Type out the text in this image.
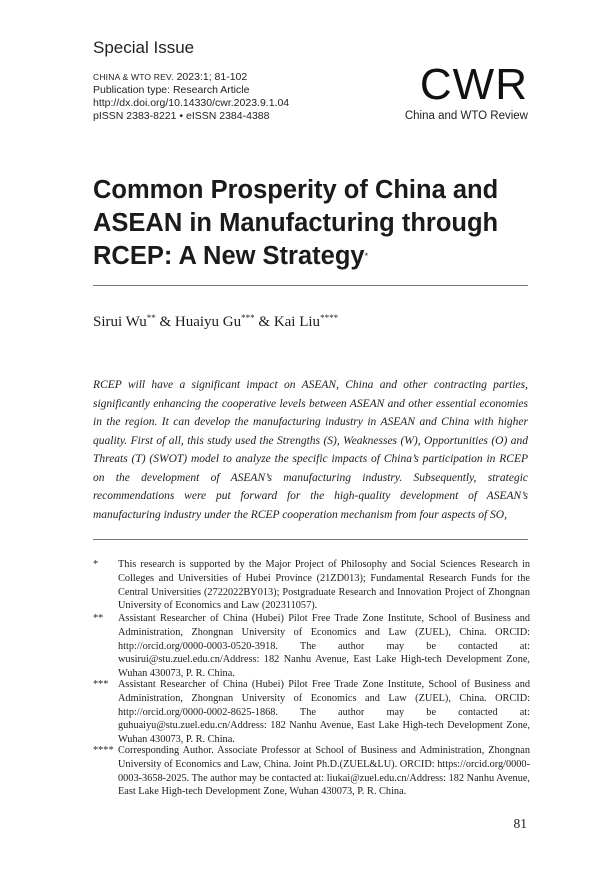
Special Issue
CHINA & WTO REV. 2023:1; 81-102
Publication type: Research Article
http://dx.doi.org/10.14330/cwr.2023.9.1.04
pISSN 2383-8221 • eISSN 2384-4388
CWR
China and WTO Review
Common Prosperity of China and ASEAN in Manufacturing through RCEP: A New Strategy*
Sirui Wu** & Huaiyu Gu*** & Kai Liu****
RCEP will have a significant impact on ASEAN, China and other contracting parties, significantly enhancing the cooperative levels between ASEAN and other essential economies in the region. It can develop the manufacturing industry in ASEAN and China with higher quality. First of all, this study used the Strengths (S), Weaknesses (W), Opportunities (O) and Threats (T) (SWOT) model to analyze the specific impacts of China’s participation in RCEP on the development of ASEAN’s manufacturing industry. Subsequently, strategic recommendations were put forward for the high-quality development of ASEAN’s manufacturing industry under the RCEP cooperation mechanism from four aspects of SO,
* This research is supported by the Major Project of Philosophy and Social Sciences Research in Colleges and Universities of Hubei Province (21ZD013); Fundamental Research Funds for the Central Universities (2722022BY013); Postgraduate Research and Innovation Project of Zhongnan University of Economics and Law (202311057).
** Assistant Researcher of China (Hubei) Pilot Free Trade Zone Institute, School of Business and Administration, Zhongnan University of Economics and Law (ZUEL), China. ORCID: http://orcid.org/0000-0003-0520-3918. The author may be contacted at: wusirui@stu.zuel.edu.cn/Address: 182 Nanhu Avenue, East Lake High-tech Development Zone, Wuhan 430073, P. R. China.
*** Assistant Researcher of China (Hubei) Pilot Free Trade Zone Institute, School of Business and Administration, Zhongnan University of Economics and Law (ZUEL), China. ORCID: http://orcid.org/0000-0002-8625-1868. The author may be contacted at: guhuaiyu@stu.zuel.edu.cn/Address: 182 Nanhu Avenue, East Lake High-tech Development Zone, Wuhan 430073, P. R. China.
**** Corresponding Author. Associate Professor at School of Business and Administration, Zhongnan University of Economics and Law, China. Joint Ph.D.(ZUEL&LU). ORCID: https://orcid.org/0000-0003-3658-2025. The author may be contacted at: liukai@zuel.edu.cn/Address: 182 Nanhu Avenue, East Lake High-tech Development Zone, Wuhan 430073, P. R. China.
81
